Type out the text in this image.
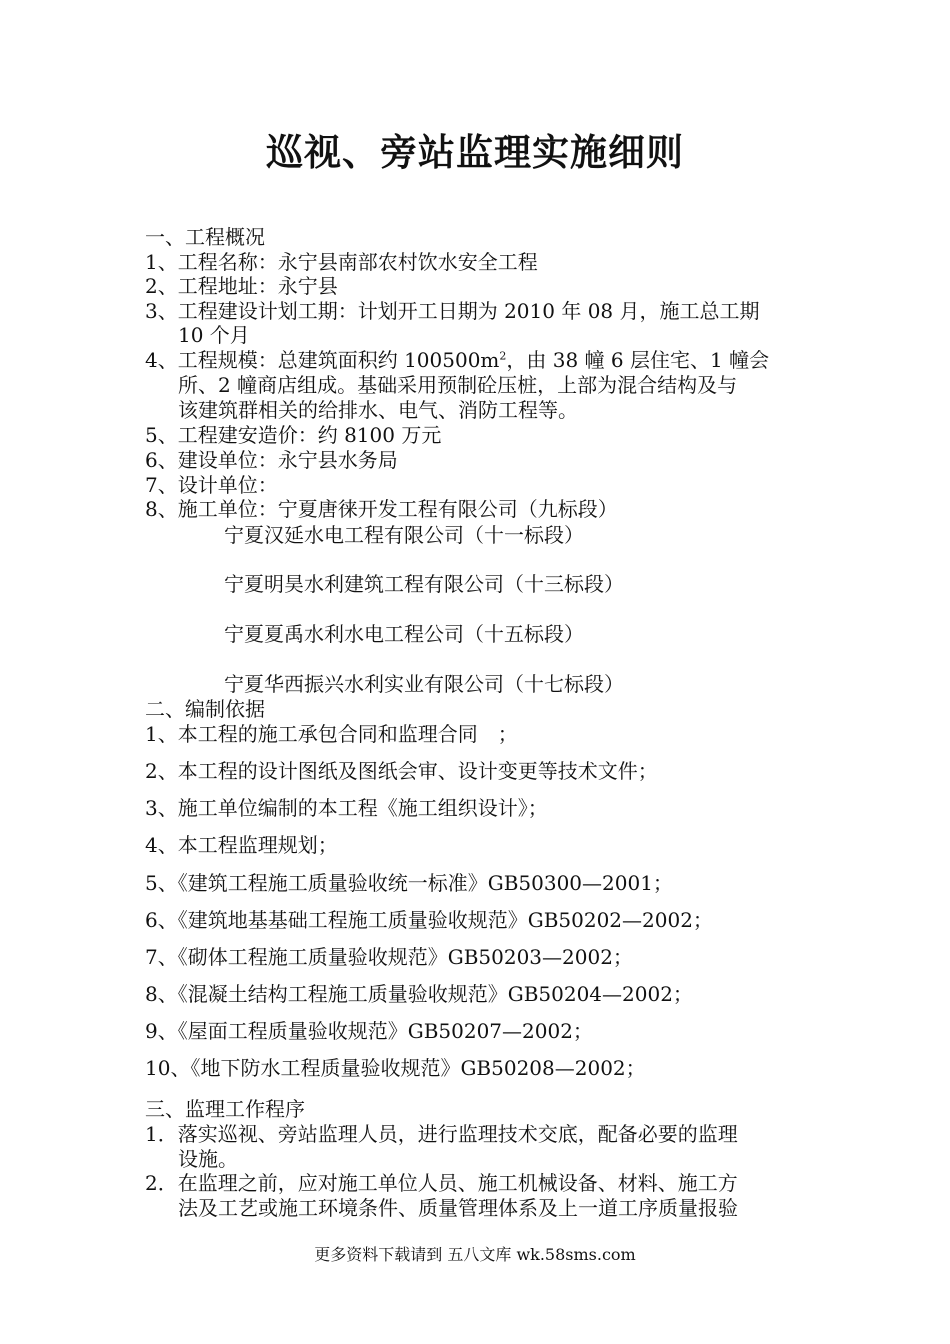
巡视、旁站监理实施细则
一、工程概况
1、工程名称：永宁县南部农村饮水安全工程
2、工程地址：永宁县
3、工程建设计划工期：计划开工日期为 2010 年 08 月，施工总工期
10 个月
4、工程规模：总建筑面积约 $100500m^2$，由 38 幢 6 层住宅、1 幢会
所、2 幢商店组成。基础采用预制砼压桩，上部为混合结构及与
该建筑群相关的给排水、电气、消防工程等。
5、工程建安造价：约 8100 万元
6、建设单位：永宁县水务局
7、设计单位：
8、施工单位：宁夏唐徕开发工程有限公司（九标段）
宁夏汉延水电工程有限公司（十一标段）
宁夏明昊水利建筑工程有限公司（十三标段）
宁夏夏禹水利水电工程公司（十五标段）
宁夏华西振兴水利实业有限公司（十七标段）
二、编制依据
1、本工程的施工承包合同和监理合同　；
2、本工程的设计图纸及图纸会审、设计变更等技术文件；
3、施工单位编制的本工程《施工组织设计》；
4、本工程监理规划；
5、《建筑工程施工质量验收统一标准》GB50300—2001；
6、《建筑地基基础工程施工质量验收规范》GB50202—2002；
7、《砌体工程施工质量验收规范》GB50203—2002；
8、《混凝土结构工程施工质量验收规范》GB50204—2002；
9、《屋面工程质量验收规范》GB50207—2002；
10、《地下防水工程质量验收规范》GB50208—2002；
三、监理工作程序
1．落实巡视、旁站监理人员，进行监理技术交底，配备必要的监理
设施。
2．在监理之前，应对施工单位人员、施工机械设备、材料、施工方
法及工艺或施工环境条件、质量管理体系及上一道工序质量报验
更多资料下载请到 五八文库 wk.58sms.com
